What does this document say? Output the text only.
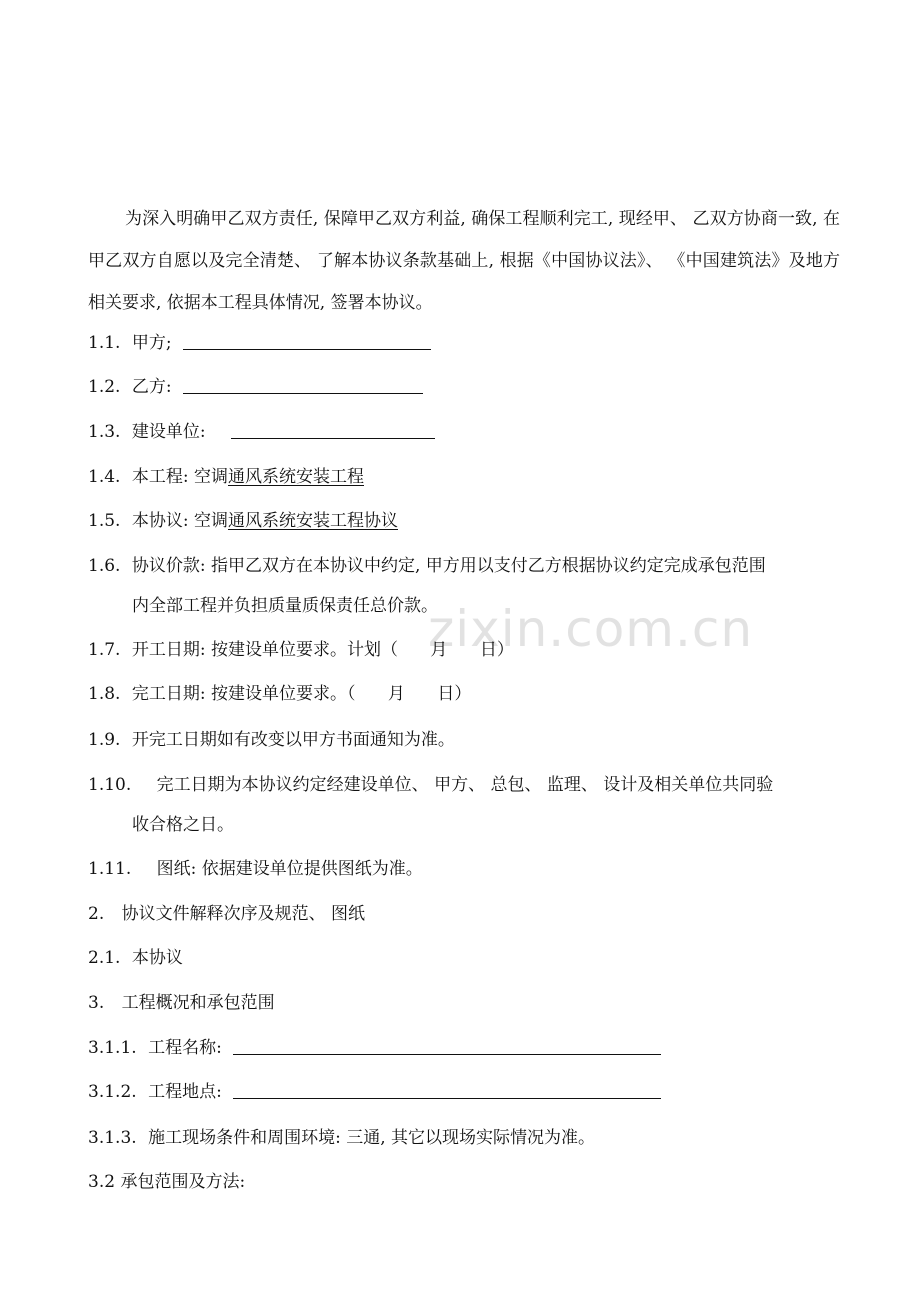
zixin.com.cn
为深入明确甲乙双方责任, 保障甲乙双方利益, 确保工程顺利完工, 现经甲、 乙双方协商一致, 在甲乙双方自愿以及完全清楚、 了解本协议条款基础上, 根据《中国协议法》、 《中国建筑法》及地方相关要求, 依据本工程具体情况, 签署本协议。
1.1. 甲方;
1.2. 乙方:
1.3. 建设单位:
1.4. 本工程: 空调通风系统安装工程
1.5. 本协议: 空调通风系统安装工程协议
1.6. 协议价款: 指甲乙双方在本协议中约定, 甲方用以支付乙方根据协议约定完成承包范围
内全部工程并负担质量质保责任总价款。
1.7. 开工日期: 按建设单位要求。计划（      月      日）
1.8. 完工日期: 按建设单位要求。（      月      日）
1.9. 开完工日期如有改变以甲方书面通知为准。
1.10. 完工日期为本协议约定经建设单位、 甲方、 总包、 监理、 设计及相关单位共同验
收合格之日。
1.11. 图纸: 依据建设单位提供图纸为准。
2. 协议文件解释次序及规范、 图纸
2.1. 本协议
3. 工程概况和承包范围
3.1.1. 工程名称:
3.1.2. 工程地点:
3.1.3. 施工现场条件和周围环境: 三通, 其它以现场实际情况为准。
3.2 承包范围及方法:
